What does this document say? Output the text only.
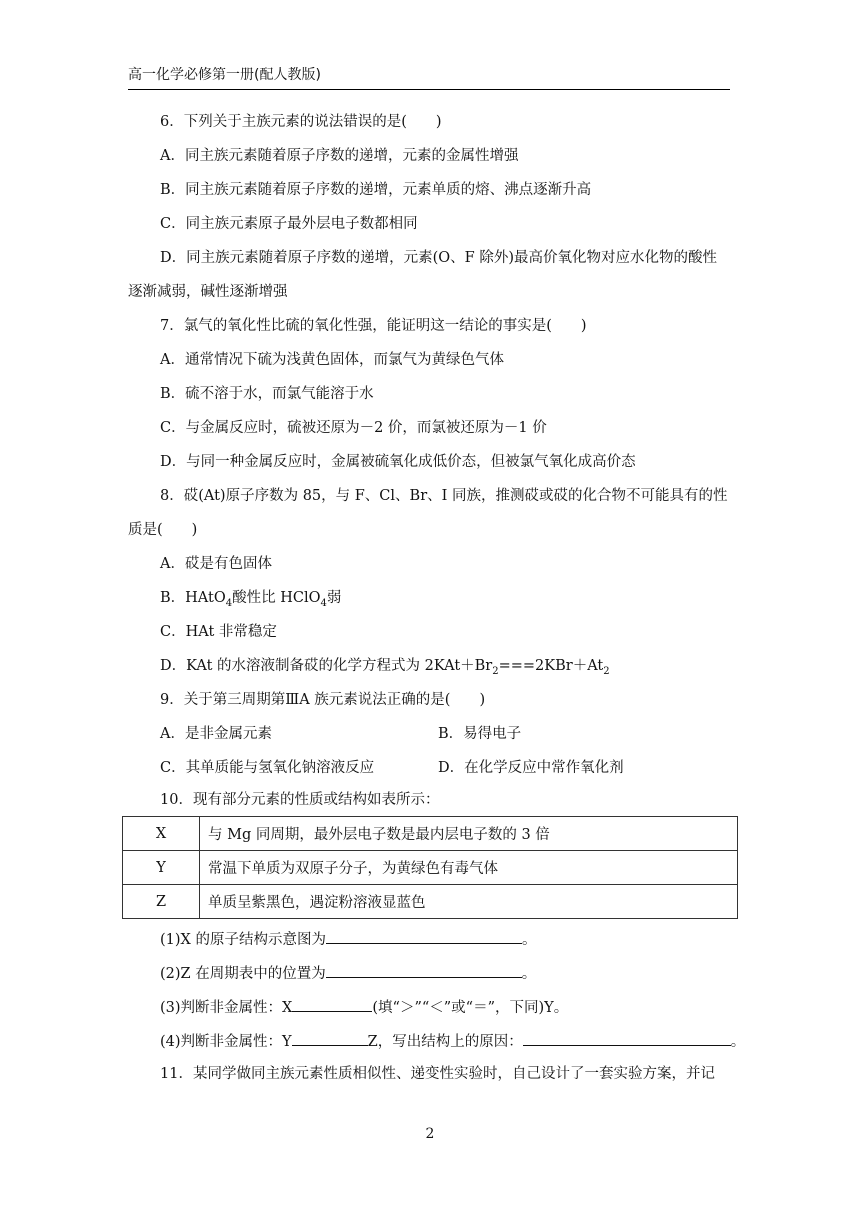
高一化学必修第一册(配人教版)
6．下列关于主族元素的说法错误的是(　　)
A．同主族元素随着原子序数的递增，元素的金属性增强
B．同主族元素随着原子序数的递增，元素单质的熔、沸点逐渐升高
C．同主族元素原子最外层电子数都相同
D．同主族元素随着原子序数的递增，元素(O、F 除外)最高价氧化物对应水化物的酸性
逐渐减弱，碱性逐渐增强
7．氯气的氧化性比硫的氧化性强，能证明这一结论的事实是(　　)
A．通常情况下硫为浅黄色固体，而氯气为黄绿色气体
B．硫不溶于水，而氯气能溶于水
C．与金属反应时，硫被还原为－2 价，而氯被还原为－1 价
D．与同一种金属反应时，金属被硫氧化成低价态，但被氯气氧化成高价态
8．砹(At)原子序数为 85，与 F、Cl、Br、I 同族，推测砹或砹的化合物不可能具有的性
质是(　　)
A．砹是有色固体
B．HAtO$_4$酸性比 HClO$_4$弱
C．HAt 非常稳定
D．KAt 的水溶液制备砹的化学方程式为 $2KAt+Br_2===2KBr+At_2$
9．关于第三周期第ⅢA 族元素说法正确的是(　　)
A．是非金属元素	B．易得电子
C．其单质能与氢氧化钠溶液反应	D．在化学反应中常作氧化剂
10．现有部分元素的性质或结构如表所示：
X	与 Mg 同周期，最外层电子数是最内层电子数的 3 倍
Y	常温下单质为双原子分子，为黄绿色有毒气体
Z	单质呈紫黑色，遇淀粉溶液显蓝色
(1)X 的原子结构示意图为	。
(2)Z 在周期表中的位置为	。
(3)判断非金属性：X	(填“＞”“＜”或“＝”，下同)Y。
(4)判断非金属性：Y	Z，写出结构上的原因：	。
11．某同学做同主族元素性质相似性、递变性实验时，自己设计了一套实验方案，并记
2
